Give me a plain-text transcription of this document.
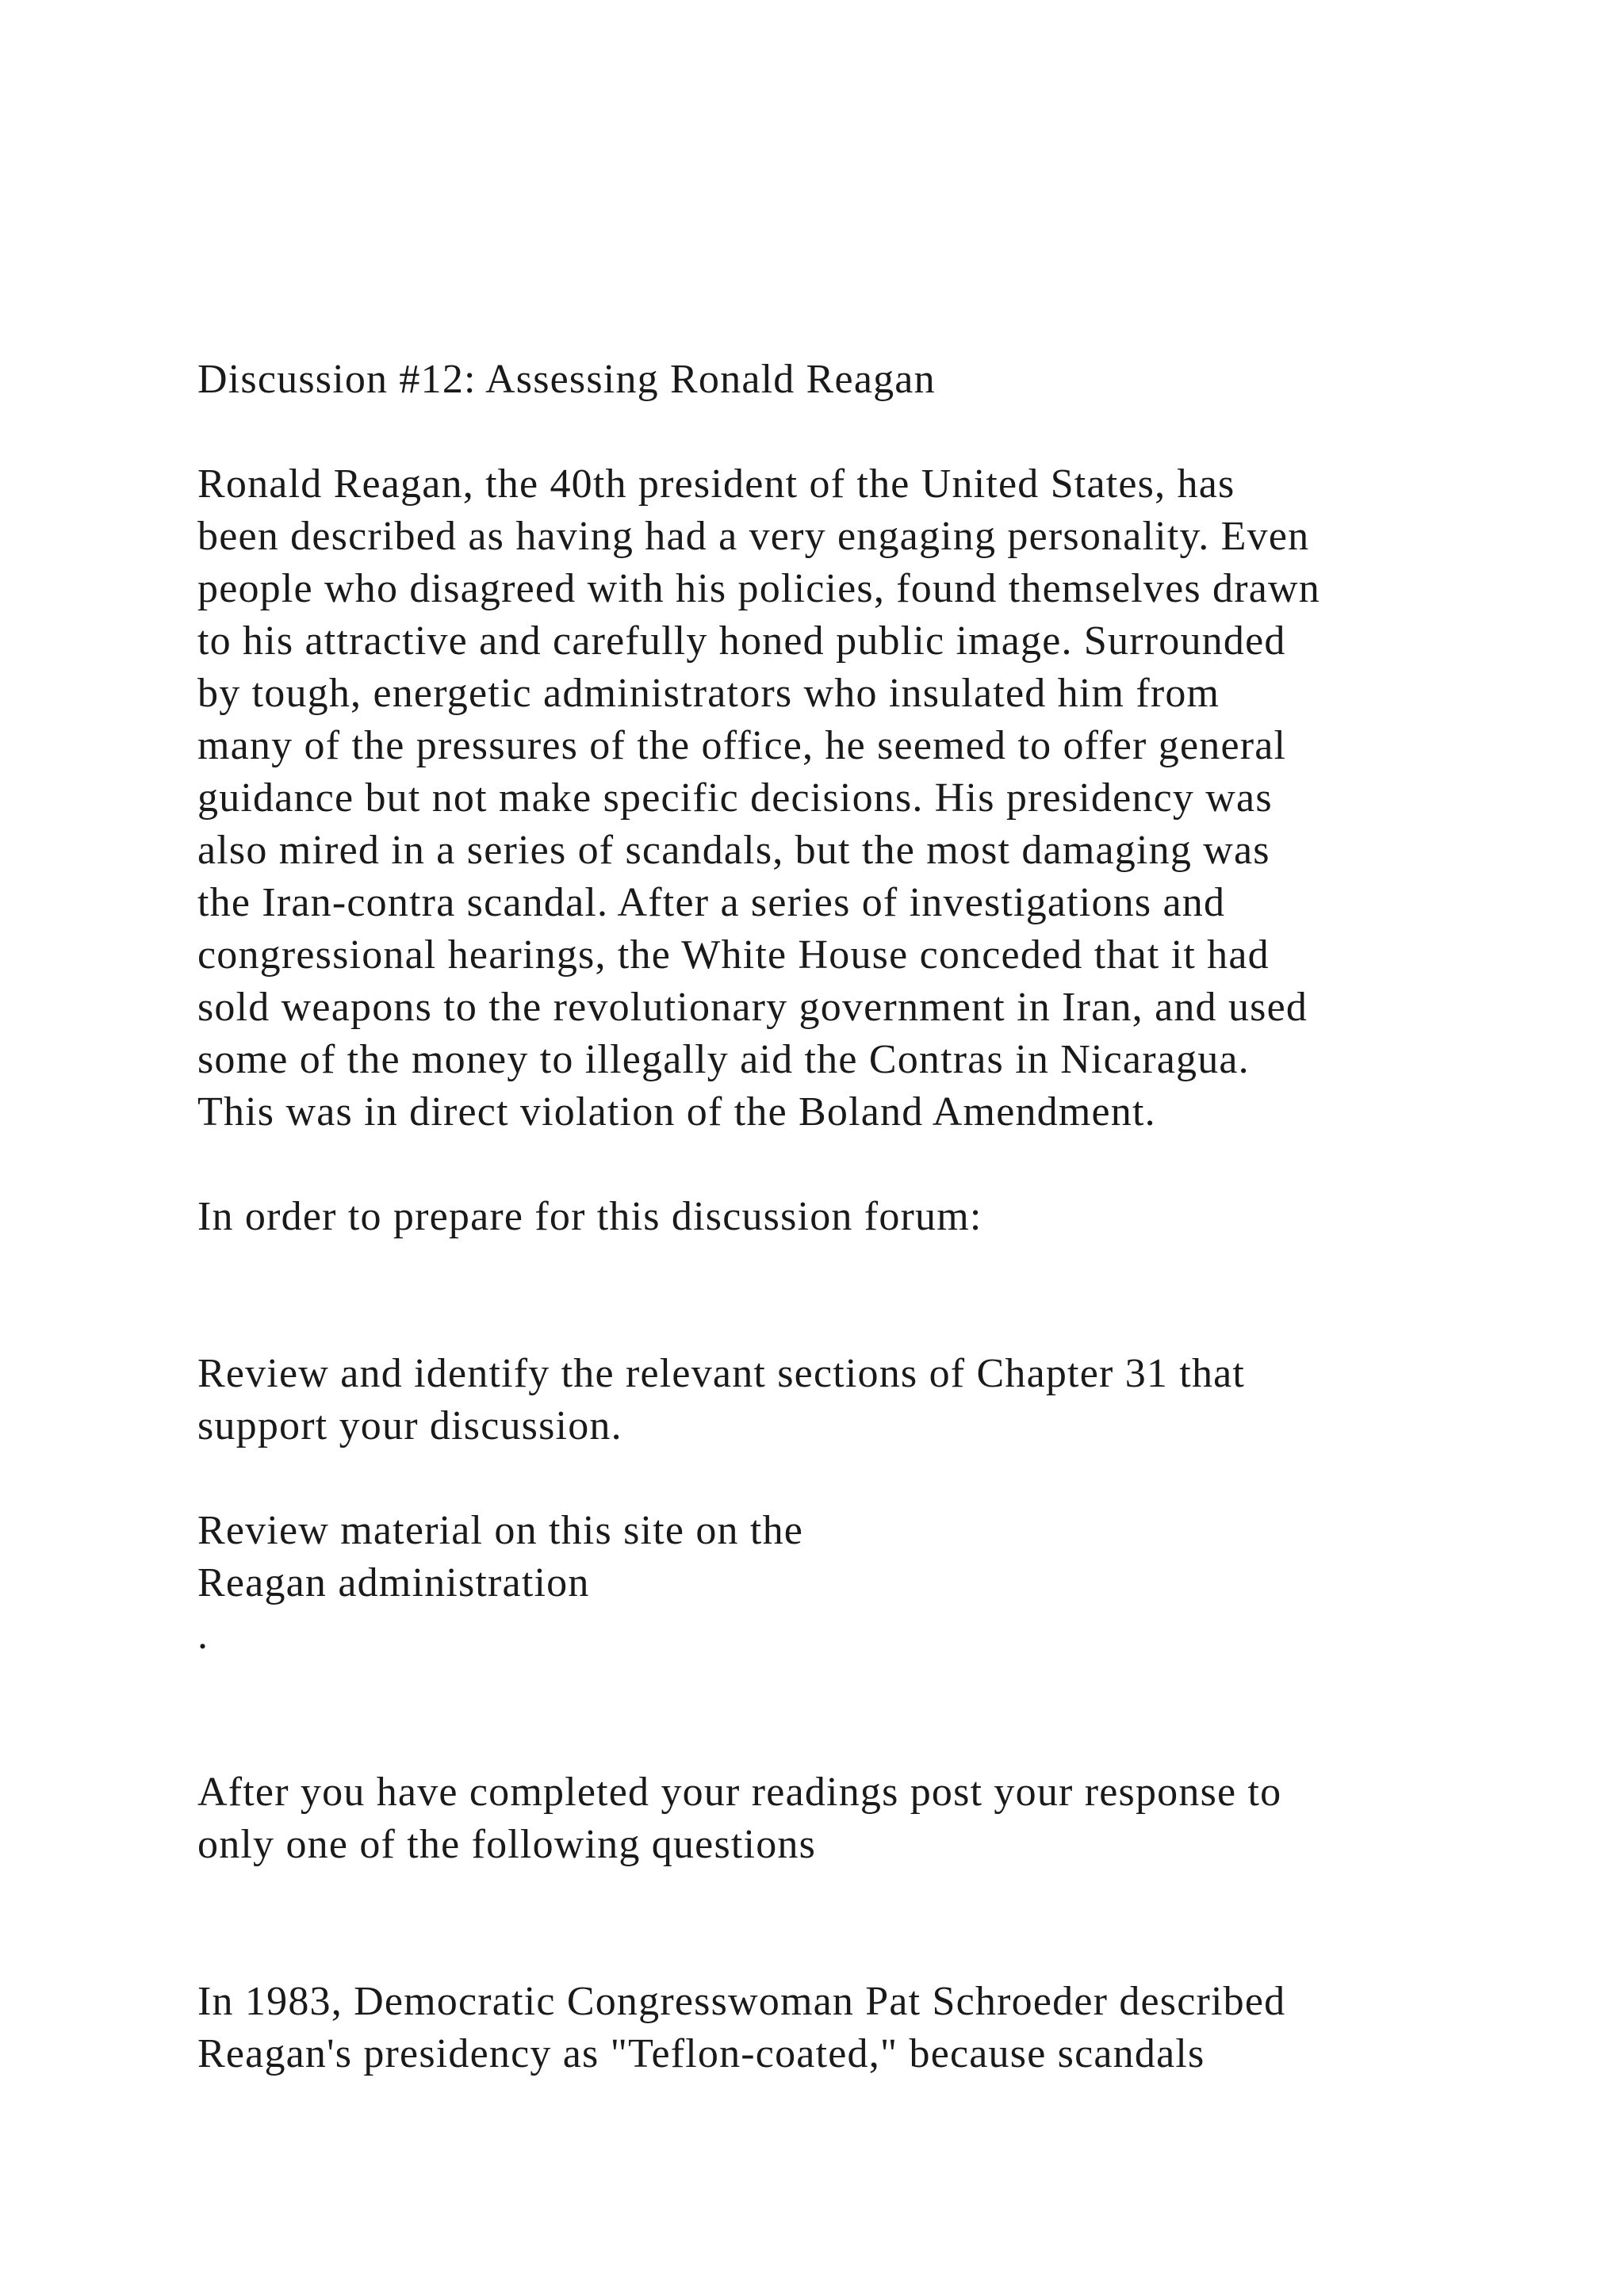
Discussion #12: Assessing Ronald Reagan
Ronald Reagan, the 40th president of the United States, has
been described as having had a very engaging personality. Even
people who disagreed with his policies, found themselves drawn
to his attractive and carefully honed public image. Surrounded
by tough, energetic administrators who insulated him from
many of the pressures of the office, he seemed to offer general
guidance but not make specific decisions. His presidency was
also mired in a series of scandals, but the most damaging was
the Iran-contra scandal. After a series of investigations and
congressional hearings, the White House conceded that it had
sold weapons to the revolutionary government in Iran, and used
some of the money to illegally aid the Contras in Nicaragua.
This was in direct violation of the Boland Amendment.
In order to prepare for this discussion forum:
Review and identify the relevant sections of Chapter 31 that
support your discussion.
Review material on this site on the
Reagan administration
.
After you have completed your readings post your response to
only one of the following questions
In 1983, Democratic Congresswoman Pat Schroeder described
Reagan's presidency as "Teflon-coated," because scandals
